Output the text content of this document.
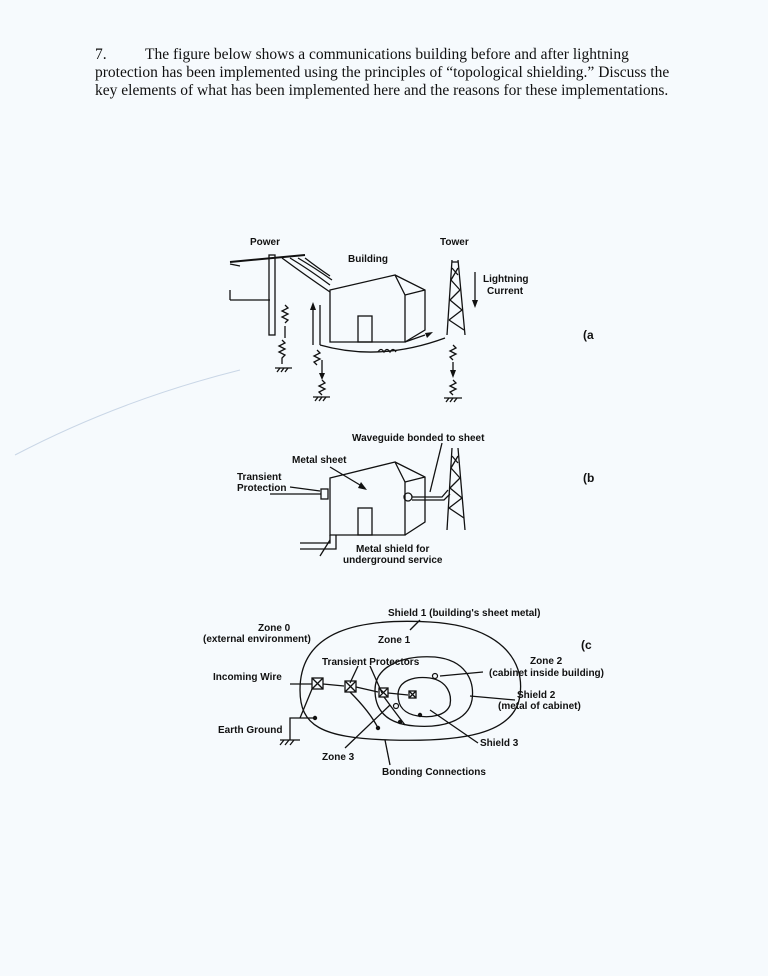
7. The figure below shows a communications building before and after lightning protection has been implemented using the principles of “topological shielding.” Discuss the key elements of what has been implemented here and the reasons for these implementations.
Power
Building
Tower
Lightning
Current
(a
Waveguide bonded to sheet
Metal sheet
Transient
Protection
Metal shield for
underground service
(b
Shield 1 (building's sheet metal)
Zone 0
(external environment)	Zone 1	(c
Transient Protectors	Zone 2
(cabinet inside building)
Incoming Wire
Shield 2
(metal of cabinet)
Earth Ground
Shield 3
Zone 3
Bonding Connections
